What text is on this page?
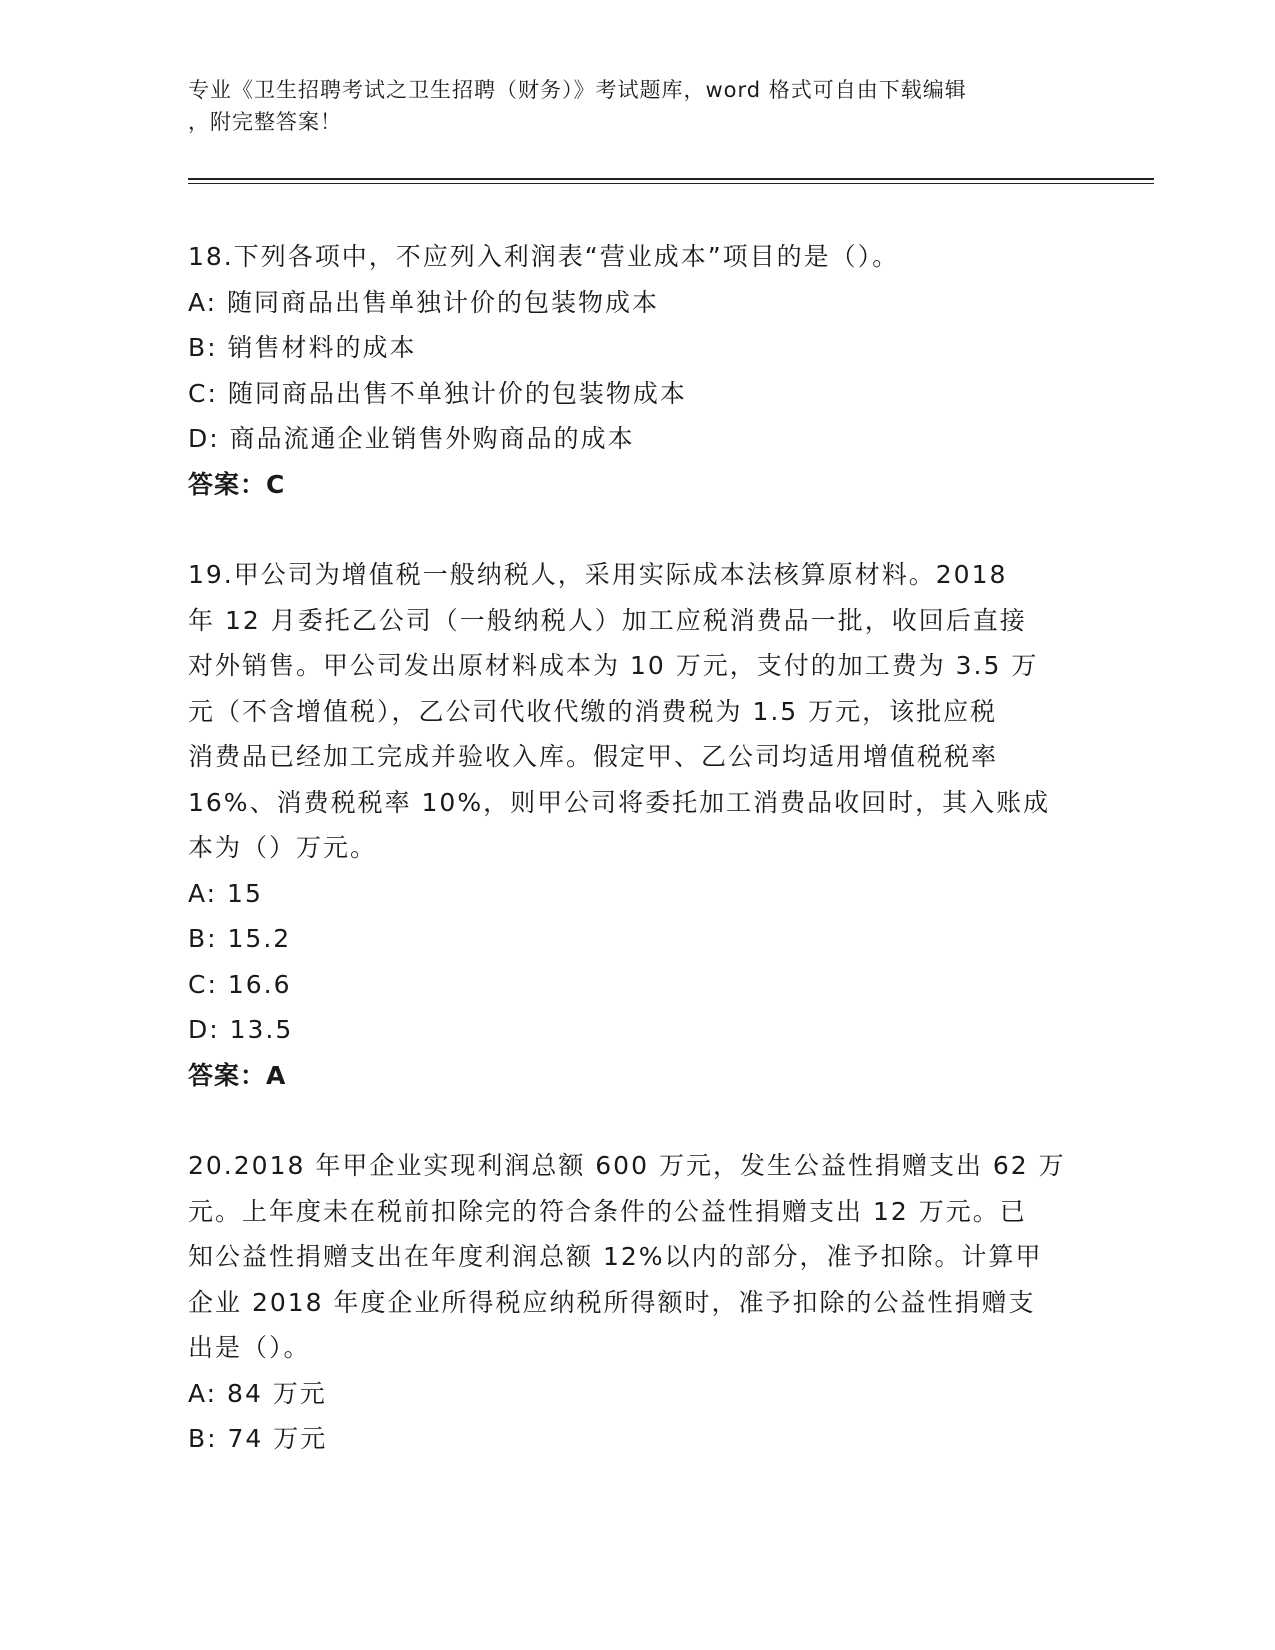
专业《卫生招聘考试之卫生招聘（财务）》考试题库，word 格式可自由下载编辑
，附完整答案！

18.下列各项中，不应列入利润表“营业成本”项目的是（）。

A: 随同商品出售单独计价的包装物成本

B: 销售材料的成本

C: 随同商品出售不单独计价的包装物成本

D: 商品流通企业销售外购商品的成本

答案：C

19.甲公司为增值税一般纳税人，采用实际成本法核算原材料。2018

年 12 月委托乙公司（一般纳税人）加工应税消费品一批，收回后直接

对外销售。甲公司发出原材料成本为 10 万元，支付的加工费为 3.5 万

元（不含增值税），乙公司代收代缴的消费税为 1.5 万元，该批应税

消费品已经加工完成并验收入库。假定甲、乙公司均适用增值税税率

16%、消费税税率 10%，则甲公司将委托加工消费品收回时，其入账成

本为（）万元。

A: 15

B: 15.2

C: 16.6

D: 13.5

答案：A

20.2018 年甲企业实现利润总额 600 万元，发生公益性捐赠支出 62 万

元。上年度未在税前扣除完的符合条件的公益性捐赠支出 12 万元。已

知公益性捐赠支出在年度利润总额 12%以内的部分，准予扣除。计算甲

企业 2018 年度企业所得税应纳税所得额时，准予扣除的公益性捐赠支

出是（）。

A: 84 万元

B: 74 万元
